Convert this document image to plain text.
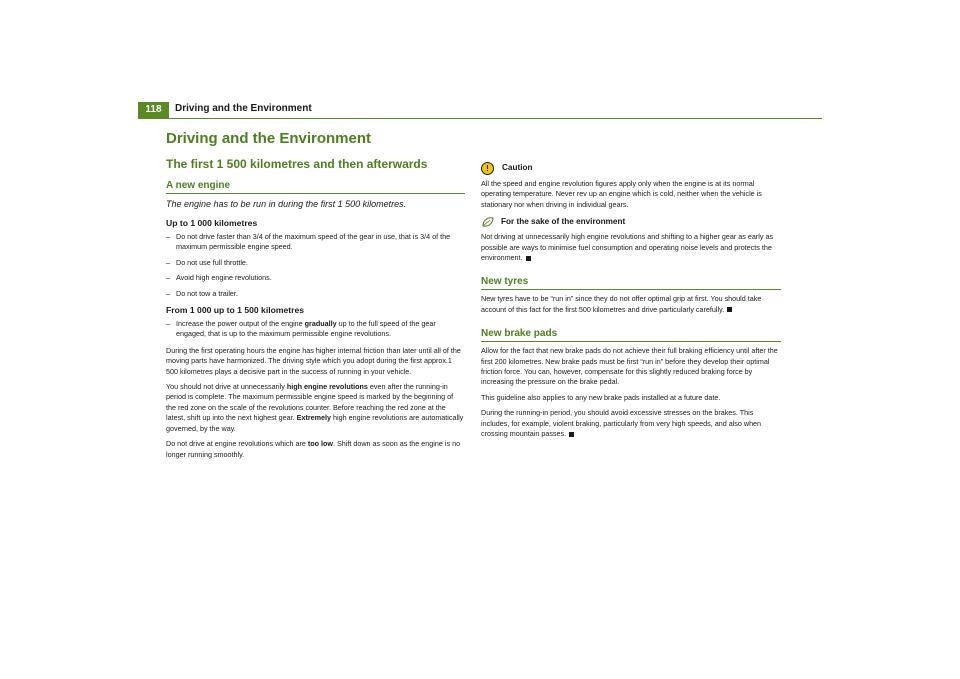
118	Driving and the Environment
Driving and the Environment
The first 1 500 kilometres and then afterwards
A new engine
The engine has to be run in during the first 1 500 kilometres.
Up to 1 000 kilometres
– Do not drive faster than 3/4 of the maximum speed of the gear in use, that is 3/4 of the maximum permissible engine speed.
– Do not use full throttle.
– Avoid high engine revolutions.
– Do not tow a trailer.
From 1 000 up to 1 500 kilometres
– Increase the power output of the engine gradually up to the full speed of the gear engaged, that is up to the maximum permissible engine revolutions.

During the first operating hours the engine has higher internal friction than later until all of the moving parts have harmonized. The driving style which you adopt during the first approx.1 500 kilometres plays a decisive part in the success of running in your vehicle.

You should not drive at unnecessarily high engine revolutions even after the running-in period is complete. The maximum permissible engine speed is marked by the beginning of the red zone on the scale of the revolutions counter. Before reaching the red zone at the latest, shift up into the next highest gear. Extremely high engine revolutions are automatically governed, by the way.

Do not drive at engine revolutions which are too low. Shift down as soon as the engine is no longer running smoothly.

!	Caution

All the speed and engine revolution figures apply only when the engine is at its normal operating temperature. Never rev up an engine which is cold, neither when the vehicle is stationary nor when driving in individual gears.

For the sake of the environment

Not driving at unnecessarily high engine revolutions and shifting to a higher gear as early as possible are ways to minimise fuel consumption and operating noise levels and protects the environment.

New tyres

New tyres have to be “run in” since they do not offer optimal grip at first. You should take account of this fact for the first 500 kilometres and drive particularly carefully.

New brake pads

Allow for the fact that new brake pads do not achieve their full braking efficiency until after the first 200 kilometres. New brake pads must be first “run in” before they develop their optimal friction force. You can, however, compensate for this slightly reduced braking force by increasing the pressure on the brake pedal.

This guideline also applies to any new brake pads installed at a future date.

During the running-in period, you should avoid excessive stresses on the brakes. This includes, for example, violent braking, particularly from very high speeds, and also when crossing mountain passes.
